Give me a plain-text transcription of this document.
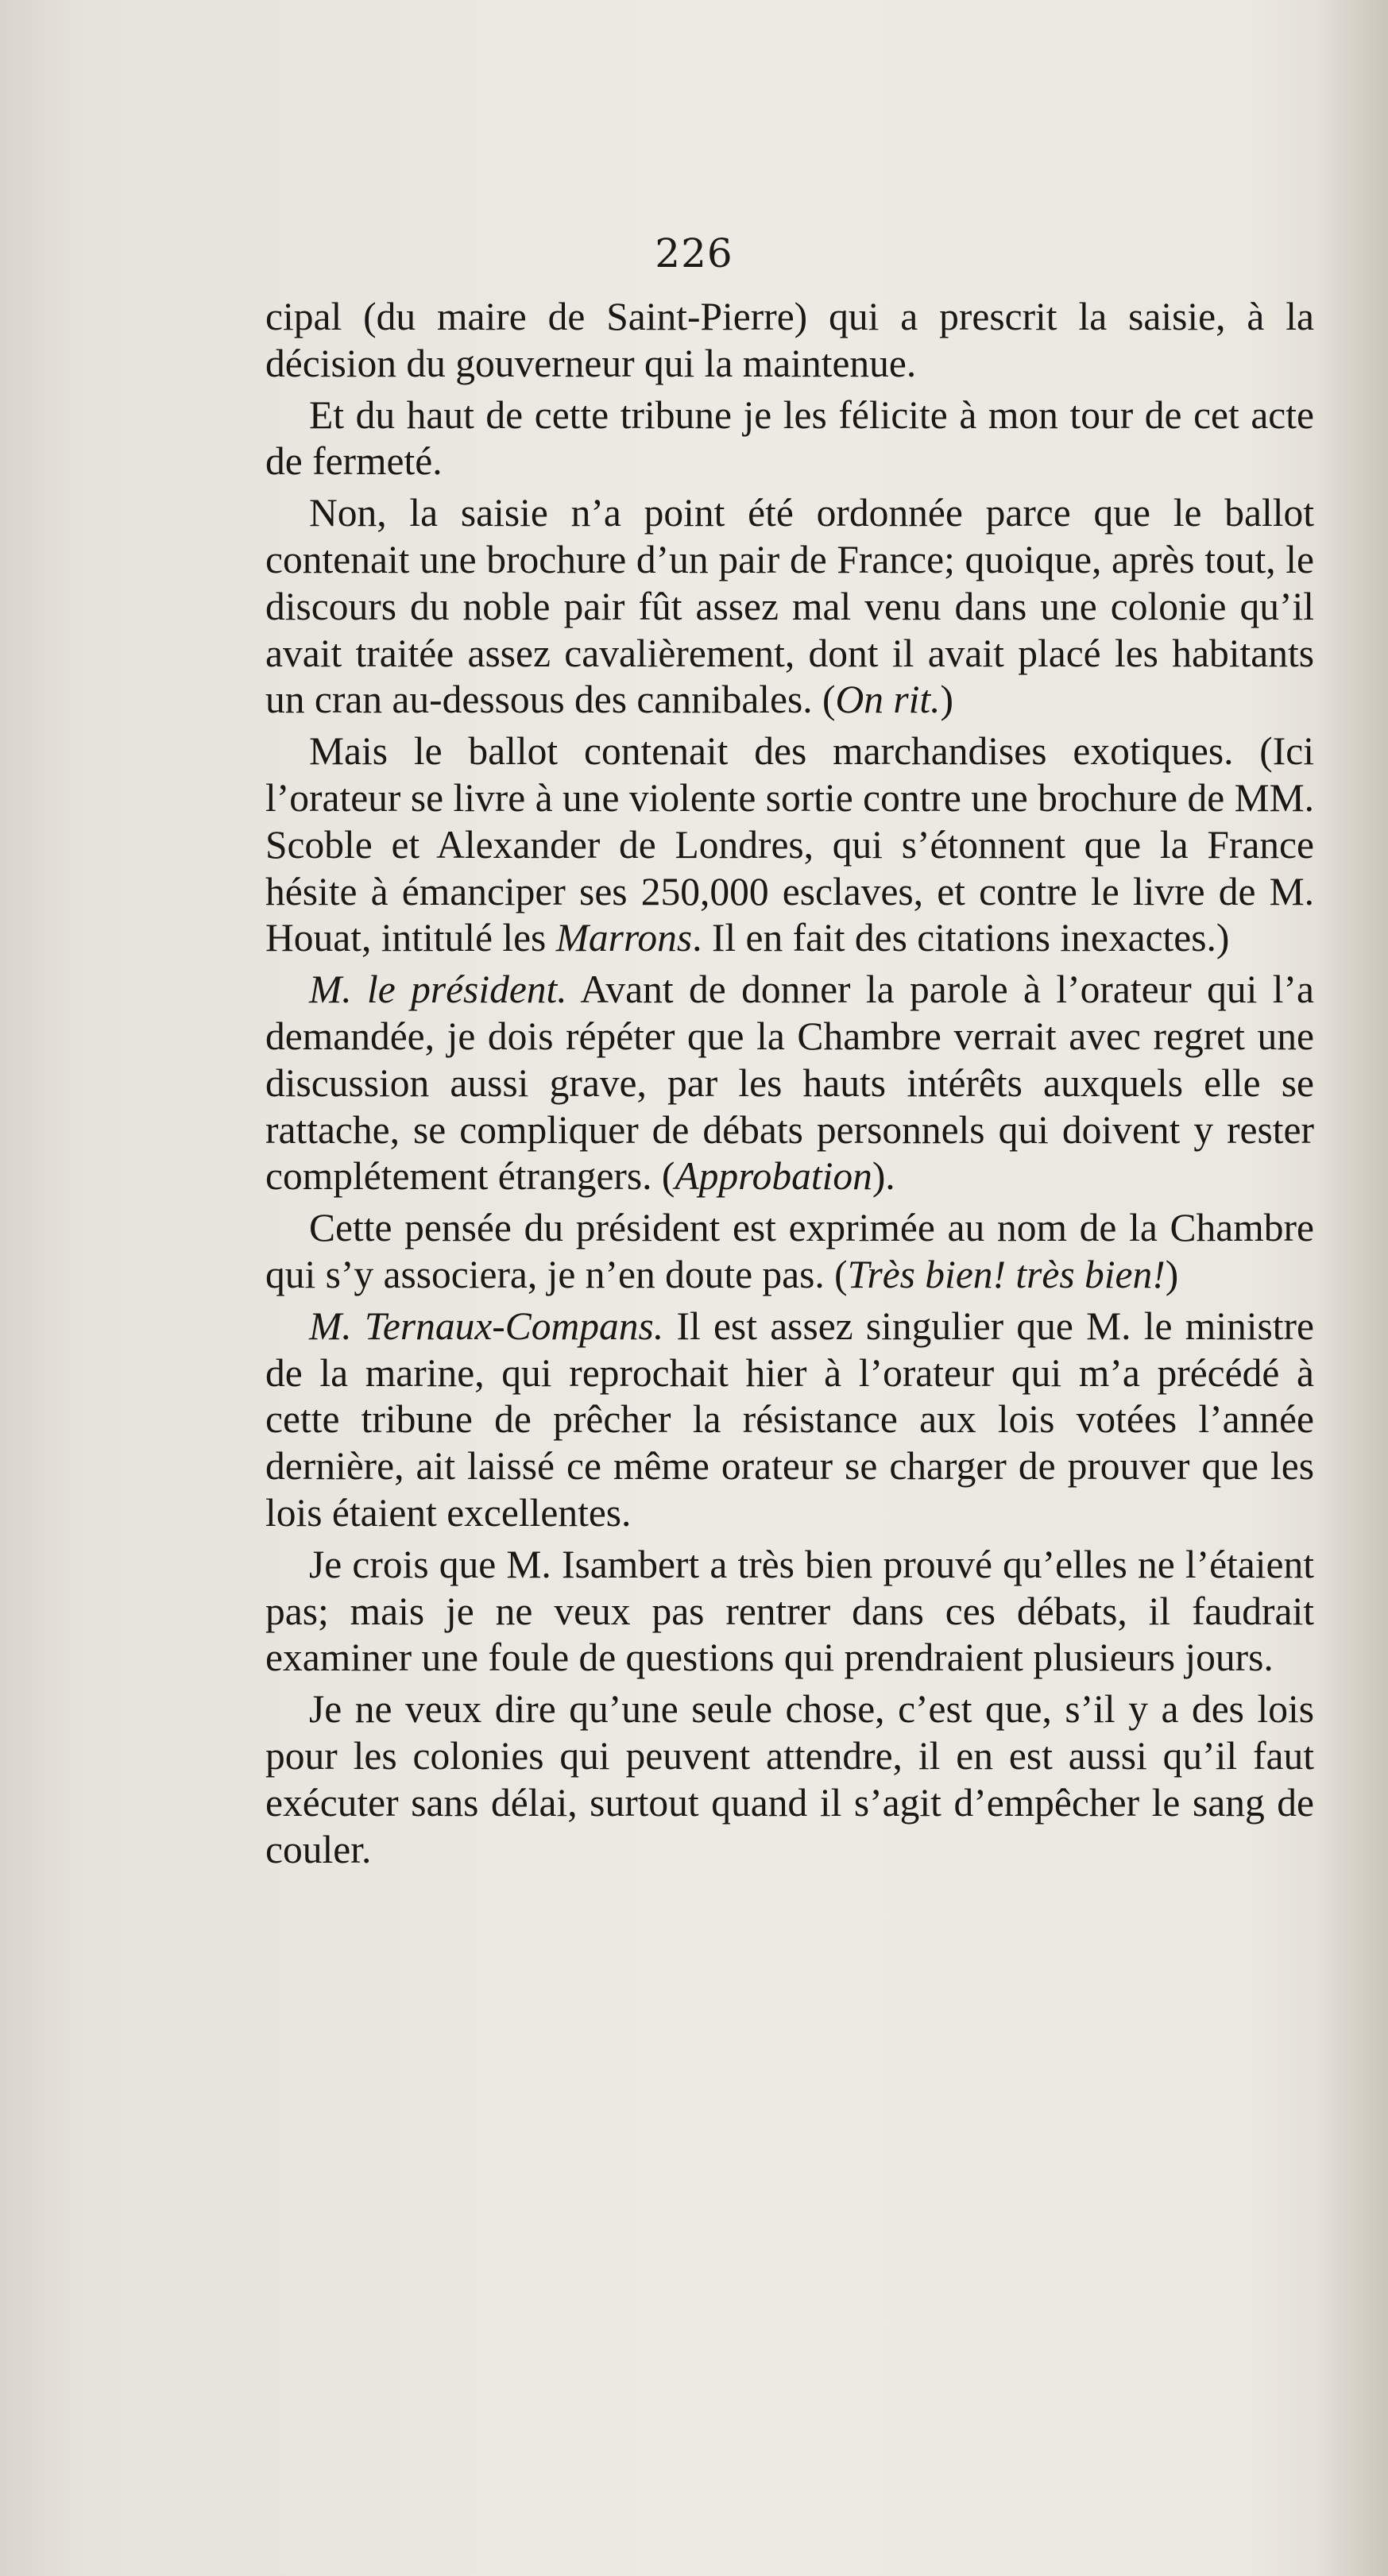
226

cipal (du maire de Saint-Pierre) qui a prescrit la saisie, à la décision du gouverneur qui la maintenue.

Et du haut de cette tribune je les félicite à mon tour de cet acte de fermeté.

Non, la saisie n’a point été ordonnée parce que le ballot contenait une brochure d’un pair de France; quoique, après tout, le discours du noble pair fût assez mal venu dans une colonie qu’il avait traitée assez cavalièrement, dont il avait placé les habitants un cran au-dessous des cannibales. (On rit.)

Mais le ballot contenait des marchandises exotiques. (Ici l’orateur se livre à une violente sortie contre une brochure de MM. Scoble et Alexander de Londres, qui s’étonnent que la France hésite à émanciper ses 250,000 esclaves, et contre le livre de M. Houat, intitulé les Marrons. Il en fait des citations inexactes.)

M. le président. Avant de donner la parole à l’orateur qui l’a demandée, je dois répéter que la Chambre verrait avec regret une discussion aussi grave, par les hauts intérêts auxquels elle se rattache, se compliquer de débats personnels qui doivent y rester complétement étrangers. (Approbation).

Cette pensée du président est exprimée au nom de la Chambre qui s’y associera, je n’en doute pas. (Très bien! très bien!)

M. Ternaux-Compans. Il est assez singulier que M. le ministre de la marine, qui reprochait hier à l’orateur qui m’a précédé à cette tribune de prêcher la résistance aux lois votées l’année dernière, ait laissé ce même orateur se charger de prouver que les lois étaient excellentes.

Je crois que M. Isambert a très bien prouvé qu’elles ne l’étaient pas; mais je ne veux pas rentrer dans ces débats, il faudrait examiner une foule de questions qui prendraient plusieurs jours.

Je ne veux dire qu’une seule chose, c’est que, s’il y a des lois pour les colonies qui peuvent attendre, il en est aussi qu’il faut exécuter sans délai, surtout quand il s’agit d’empêcher le sang de couler.
